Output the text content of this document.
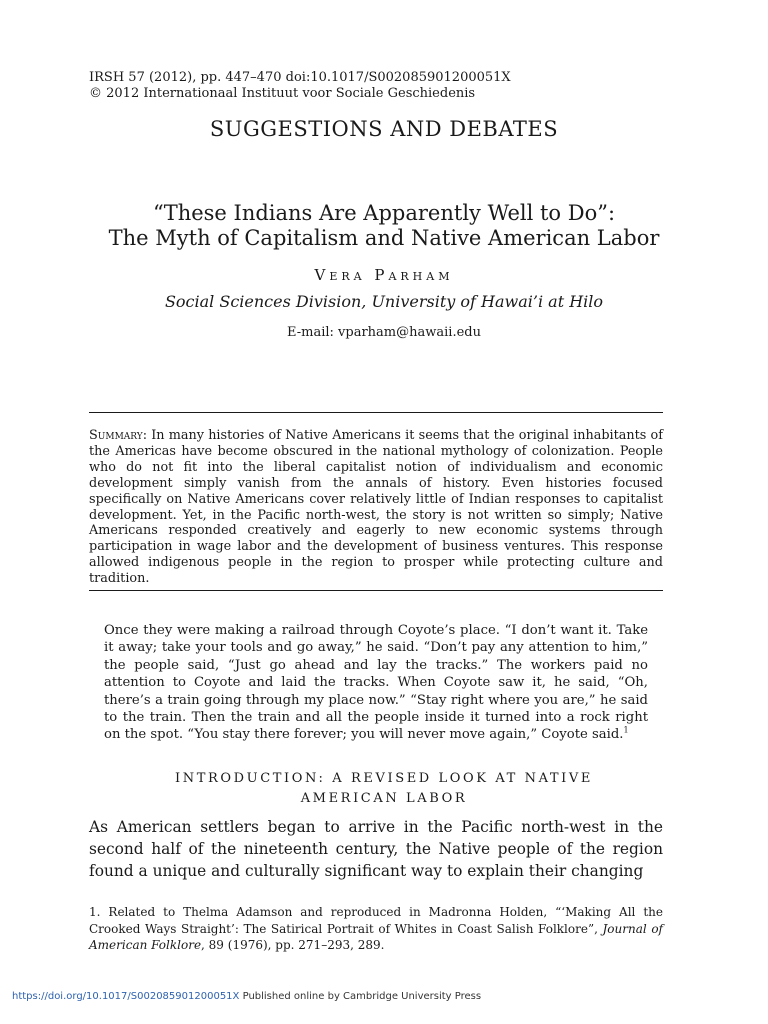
IRSH 57 (2012), pp. 447–470 doi:10.1017/S002085901200051X
© 2012 Internationaal Instituut voor Sociale Geschiedenis
SUGGESTIONS AND DEBATES
“These Indians Are Apparently Well to Do”:
The Myth of Capitalism and Native American Labor
Vera Parham
Social Sciences Division, University of Hawai’i at Hilo
E-mail: vparham@hawaii.edu
Summary: In many histories of Native Americans it seems that the original inhabitants of the Americas have become obscured in the national mythology of colonization. People who do not fit into the liberal capitalist notion of individualism and economic development simply vanish from the annals of history. Even histories focused specifically on Native Americans cover relatively little of Indian responses to capitalist development. Yet, in the Pacific north-west, the story is not written so simply; Native Americans responded creatively and eagerly to new economic systems through participation in wage labor and the development of business ventures. This response allowed indigenous people in the region to prosper while protecting culture and tradition.
Once they were making a railroad through Coyote’s place. “I don’t want it. Take it away; take your tools and go away,” he said. “Don’t pay any attention to him,” the people said, “Just go ahead and lay the tracks.” The workers paid no attention to Coyote and laid the tracks. When Coyote saw it, he said, “Oh, there’s a train going through my place now.” “Stay right where you are,” he said to the train. Then the train and all the people inside it turned into a rock right on the spot. “You stay there forever; you will never move again,” Coyote said.$^1$
INTRODUCTION: A REVISED LOOK AT NATIVE
AMERICAN LABOR
As American settlers began to arrive in the Pacific north-west in the second half of the nineteenth century, the Native people of the region found a unique and culturally significant way to explain their changing
1. Related to Thelma Adamson and reproduced in Madronna Holden, “‘Making All the Crooked Ways Straight’: The Satirical Portrait of Whites in Coast Salish Folklore”, Journal of American Folklore, 89 (1976), pp. 271–293, 289.
https://doi.org/10.1017/S002085901200051X Published online by Cambridge University Press
